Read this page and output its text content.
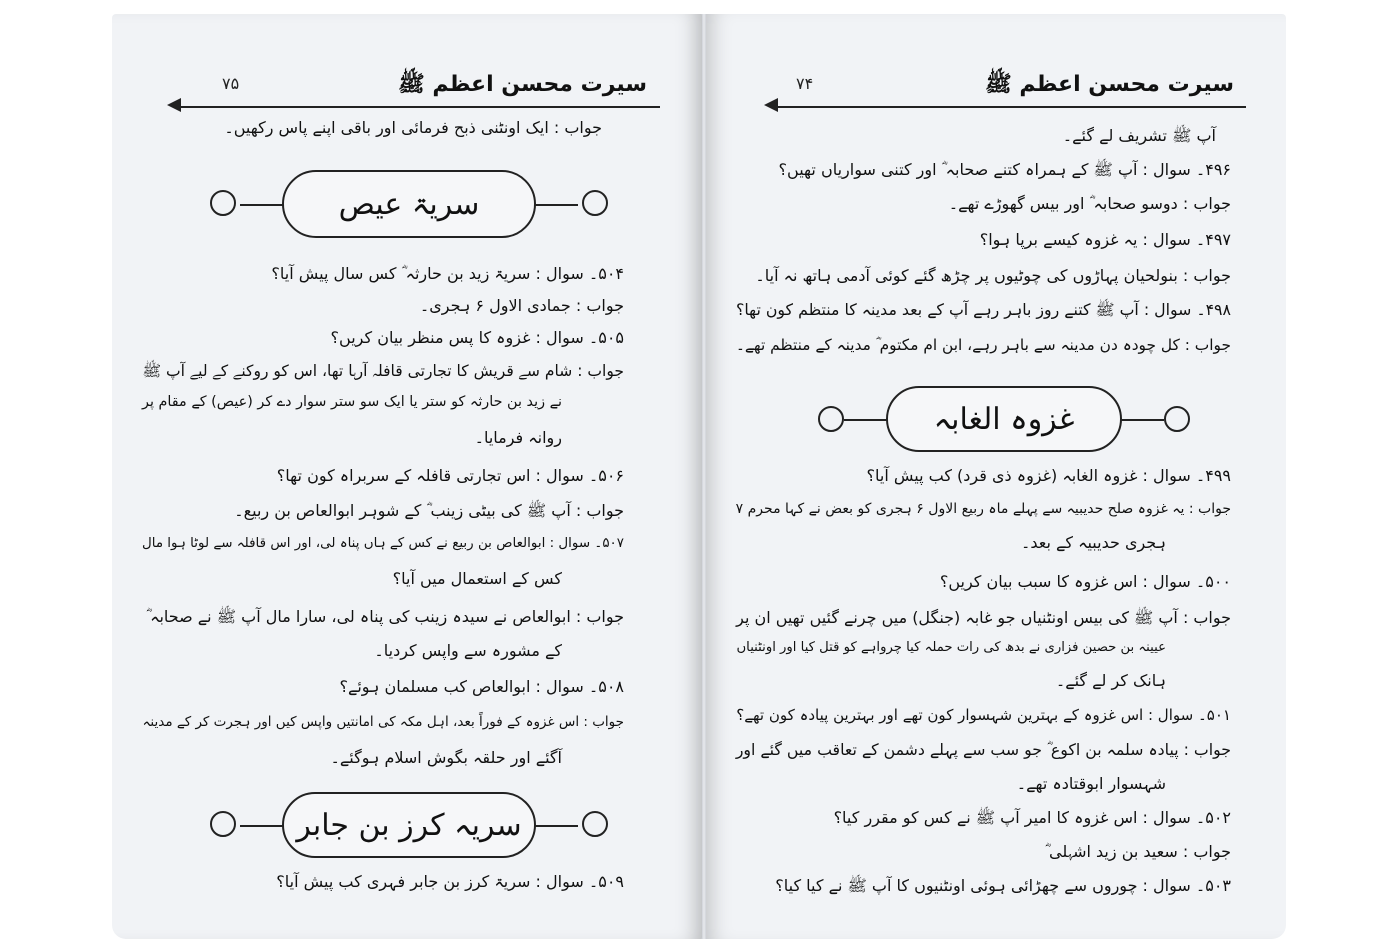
سیرت محسن اعظم ﷺ
۷۵
جواب : ایک اونٹنی ذبح فرمائی اور باقی اپنے پاس رکھیں۔
سریۃ عیص
۵۰۴۔ سوال : سریۃ زید بن حارثہ ؓ کس سال پیش آیا؟
جواب : جمادی الاول ۶ ہجری۔
۵۰۵۔ سوال : غزوہ کا پس منظر بیان کریں؟
جواب : شام سے قریش کا تجارتی قافلہ آرہا تھا، اس کو روکنے کے لیے آپ ﷺ
نے زید بن حارثہ کو ستر یا ایک سو ستر سوار دے کر (عیص) کے مقام پر
روانہ فرمایا۔
۵۰۶۔ سوال : اس تجارتی قافلہ کے سربراہ کون تھا؟
جواب : آپ ﷺ کی بیٹی زینب ؓ کے شوہر ابوالعاص بن ربیع۔
۵۰۷۔ سوال : ابوالعاص بن ربیع نے کس کے ہاں پناہ لی، اور اس قافلہ سے لوٹا ہوا مال
کس کے استعمال میں آیا؟
جواب : ابوالعاص نے سیدہ زینب کی پناہ لی، سارا مال آپ ﷺ نے صحابہ ؓ
کے مشورہ سے واپس کردیا۔
۵۰۸۔ سوال : ابوالعاص کب مسلمان ہوئے؟
جواب : اس غزوہ کے فوراً بعد، اہل مکہ کی امانتیں واپس کیں اور ہجرت کر کے مدینہ
آگئے اور حلقہ بگوش اسلام ہوگئے۔
سریہ کرز بن جابر
۵۰۹۔ سوال : سریۃ کرز بن جابر فہری کب پیش آیا؟
سیرت محسن اعظم ﷺ
۷۴
آپ ﷺ تشریف لے گئے۔
۴۹۶۔ سوال : آپ ﷺ کے ہمراہ کتنے صحابہ ؓ اور کتنی سواریاں تھیں؟
جواب : دوسو صحابہ ؓ اور بیس گھوڑے تھے۔
۴۹۷۔ سوال : یہ غزوہ کیسے برپا ہوا؟
جواب : بنولحیان پہاڑوں کی چوٹیوں پر چڑھ گئے کوئی آدمی ہاتھ نہ آیا۔
۴۹۸۔ سوال : آپ ﷺ کتنے روز باہر رہے آپ کے بعد مدینہ کا منتظم کون تھا؟
جواب : کل چودہ دن مدینہ سے باہر رہے، ابن ام مکتوم ؓ مدینہ کے منتظم تھے۔
غزوہ الغابہ
۴۹۹۔ سوال : غزوہ الغابہ (غزوہ ذی قرد) کب پیش آیا؟
جواب : یہ غزوہ صلح حدیبیہ سے پہلے ماہ ربیع الاول ۶ ہجری کو بعض نے کہا محرم ۷
ہجری حدیبیہ کے بعد۔
۵۰۰۔ سوال : اس غزوہ کا سبب بیان کریں؟
جواب : آپ ﷺ کی بیس اونٹنیاں جو غابہ (جنگل) میں چرنے گئیں تھیں ان پر
عیینہ بن حصین فزاری نے بدھ کی رات حملہ کیا چرواہے کو قتل کیا اور اونٹنیاں
ہانک کر لے گئے۔
۵۰۱۔ سوال : اس غزوہ کے بہترین شہسوار کون تھے اور بہترین پیادہ کون تھے؟
جواب : پیادہ سلمہ بن اکوع ؓ جو سب سے پہلے دشمن کے تعاقب میں گئے اور
شہسوار ابوقتادہ تھے۔
۵۰۲۔ سوال : اس غزوہ کا امیر آپ ﷺ نے کس کو مقرر کیا؟
جواب : سعید بن زید اشہلی ؓ
۵۰۳۔ سوال : چوروں سے چھڑائی ہوئی اونٹنیوں کا آپ ﷺ نے کیا کیا؟
